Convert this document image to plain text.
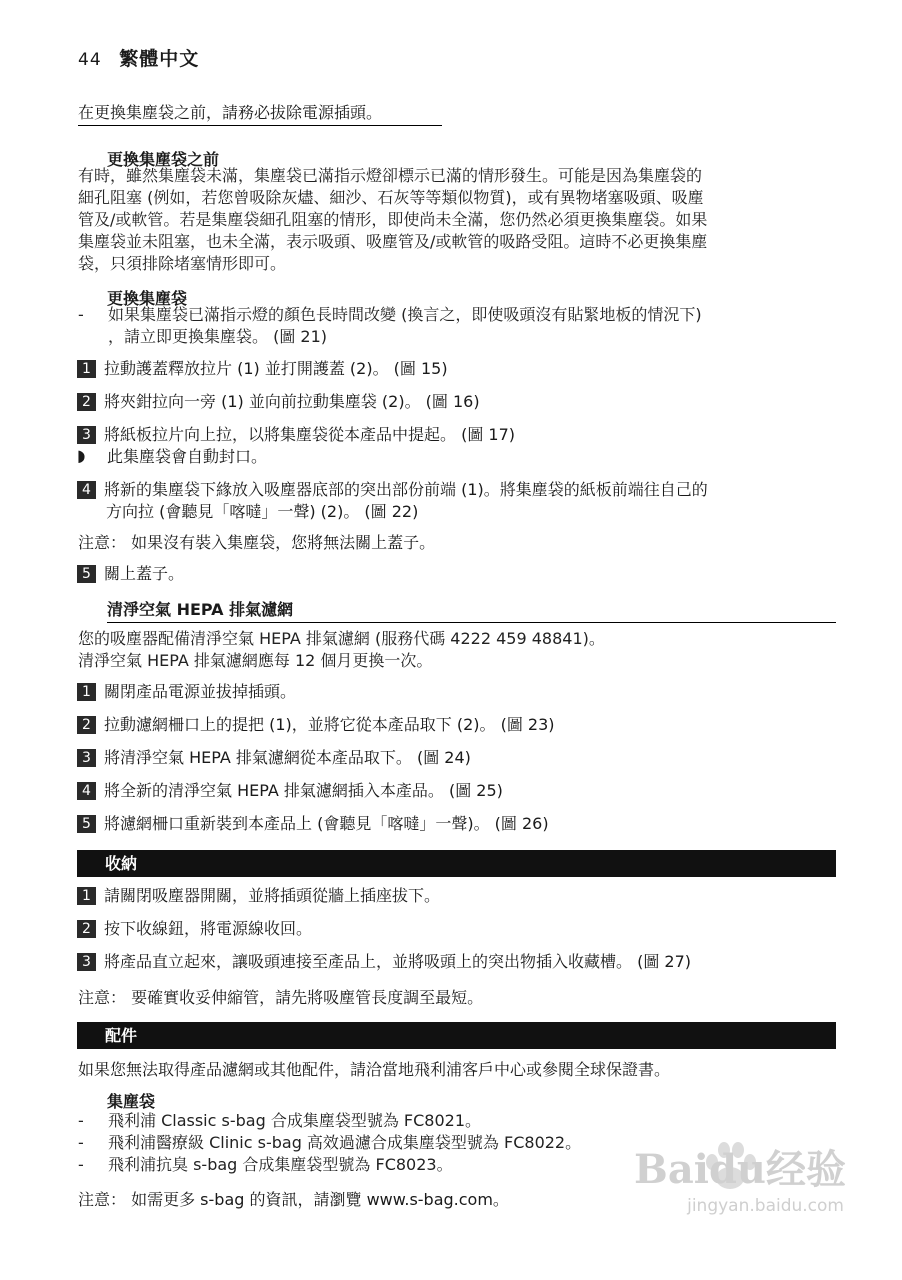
44 繁體中文
在更換集塵袋之前，請務必拔除電源插頭。
更換集塵袋之前
有時，雖然集塵袋未滿，集塵袋已滿指示燈卻標示已滿的情形發生。可能是因為集塵袋的
細孔阻塞 (例如，若您曾吸除灰燼、細沙、石灰等等類似物質)，或有異物堵塞吸頭、吸塵
管及/或軟管。若是集塵袋細孔阻塞的情形，即使尚未全滿，您仍然必須更換集塵袋。如果
集塵袋並未阻塞，也未全滿，表示吸頭、吸塵管及/或軟管的吸路受阻。這時不必更換集塵
袋，只須排除堵塞情形即可。
更換集塵袋
- 如果集塵袋已滿指示燈的顏色長時間改變 (換言之，即使吸頭沒有貼緊地板的情況下)
，請立即更換集塵袋。 (圖 21)
1 拉動護蓋釋放拉片 (1) 並打開護蓋 (2)。 (圖 15)
2 將夾鉗拉向一旁 (1) 並向前拉動集塵袋 (2)。 (圖 16)
3 將紙板拉片向上拉，以將集塵袋從本產品中提起。 (圖 17)
◗	此集塵袋會自動封口。
4 將新的集塵袋下緣放入吸塵器底部的突出部份前端 (1)。將集塵袋的紙板前端往自己的
方向拉 (會聽見「喀噠」一聲) (2)。 (圖 22)
注意： 如果沒有裝入集塵袋，您將無法關上蓋子。
5 關上蓋子。
清淨空氣 HEPA 排氣濾網
您的吸塵器配備清淨空氣 HEPA 排氣濾網 (服務代碼 4222 459 48841)。
清淨空氣 HEPA 排氣濾網應每 12 個月更換一次。
1 關閉產品電源並拔掉插頭。
2 拉動濾網柵口上的提把 (1)，並將它從本產品取下 (2)。 (圖 23)
3 將清淨空氣 HEPA 排氣濾網從本產品取下。 (圖 24)
4 將全新的清淨空氣 HEPA 排氣濾網插入本產品。 (圖 25)
5 將濾網柵口重新裝到本產品上 (會聽見「喀噠」一聲)。 (圖 26)
收納
1 請關閉吸塵器開關，並將插頭從牆上插座拔下。
2 按下收線鈕，將電源線收回。
3 將產品直立起來，讓吸頭連接至產品上，並將吸頭上的突出物插入收藏槽。 (圖 27)
注意： 要確實收妥伸縮管，請先將吸塵管長度調至最短。
配件
如果您無法取得產品濾網或其他配件，請洽當地飛利浦客戶中心或參閱全球保證書。
集塵袋
- 飛利浦 Classic s-bag 合成集塵袋型號為 FC8021。
- 飛利浦醫療級 Clinic s-bag 高效過濾合成集塵袋型號為 FC8022。
- 飛利浦抗臭 s-bag 合成集塵袋型號為 FC8023。
注意： 如需更多 s-bag 的資訊，請瀏覽 www.s-bag.com。
Baidu经验
jingyan.baidu.com
